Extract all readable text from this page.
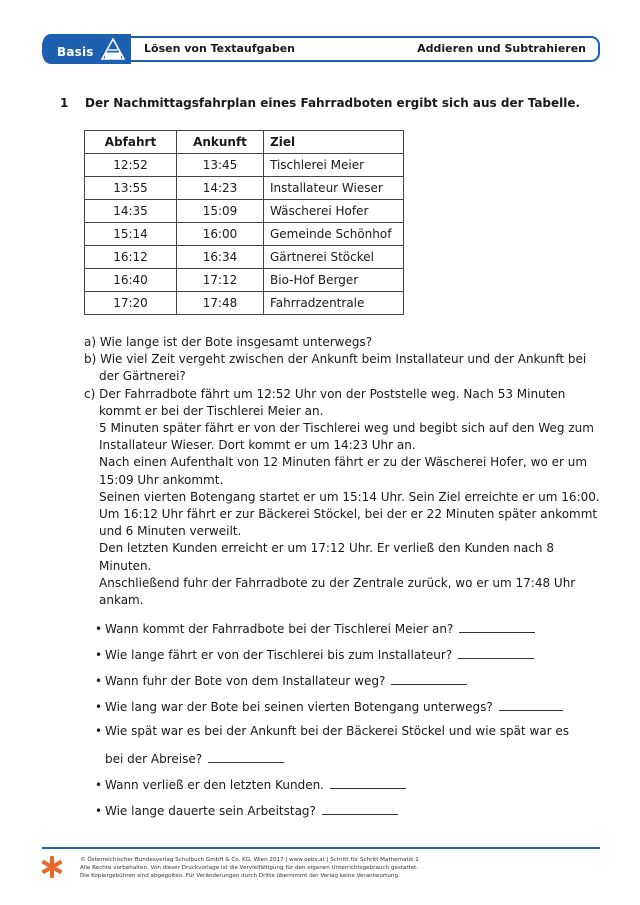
Basis	Lösen von Textaufgaben	Addieren und Subtrahieren
1 Der Nachmittagsfahrplan eines Fahrradboten ergibt sich aus der Tabelle.
Abfahrt	Ankunft	Ziel
12:52	13:45	Tischlerei Meier
13:55	14:23	Installateur Wieser
14:35	15:09	Wäscherei Hofer
15:14	16:00	Gemeinde Schönhof
16:12	16:34	Gärtnerei Stöckel
16:40	17:12	Bio-Hof Berger
17:20	17:48	Fahrradzentrale

a) Wie lange ist der Bote insgesamt unterwegs?

b) Wie viel Zeit vergeht zwischen der Ankunft beim Installateur und der Ankunft bei

der Gärtnerei?

c) Der Fahrradbote fährt um 12:52 Uhr von der Poststelle weg. Nach 53 Minuten

kommt er bei der Tischlerei Meier an.

5 Minuten später fährt er von der Tischlerei weg und begibt sich auf den Weg zum

Installateur Wieser. Dort kommt er um 14:23 Uhr an.

Nach einen Aufenthalt von 12 Minuten fährt er zu der Wäscherei Hofer, wo er um

15:09 Uhr ankommt.

Seinen vierten Botengang startet er um 15:14 Uhr. Sein Ziel erreichte er um 16:00.

Um 16:12 Uhr fährt er zur Bäckerei Stöckel, bei der er 22 Minuten später ankommt

und 6 Minuten verweilt.

Den letzten Kunden erreicht er um 17:12 Uhr. Er verließ den Kunden nach 8 Minuten.

Anschließend fuhr der Fahrradbote zu der Zentrale zurück, wo er um 17:48 Uhr

ankam.

• Wann kommt der Fahrradbote bei der Tischlerei Meier an?
• Wie lange fährt er von der Tischlerei bis zum Installateur?
• Wann fuhr der Bote von dem Installateur weg?
• Wie lang war der Bote bei seinen vierten Botengang unterwegs?
• Wie spät war es bei der Ankunft bei der Bäckerei Stöckel und wie spät war es
bei der Abreise?
• Wann verließ er den letzten Kunden.
• Wie lange dauerte sein Arbeitstag?

© Österreichischer Bundesverlag Schulbuch GmbH & Co. KG, Wien 2017 | www.oebv.at | Schritt für Schritt Mathematik 1

Alle Rechte vorbehalten. Von dieser Druckvorlage ist die Vervielfältigung für den eigenen Unterrichtsgebrauch gestattet.

Die Kopiergebühren sind abgegolten. Für Veränderungen durch Dritte übernimmt der Verlag keine Verantwortung.
